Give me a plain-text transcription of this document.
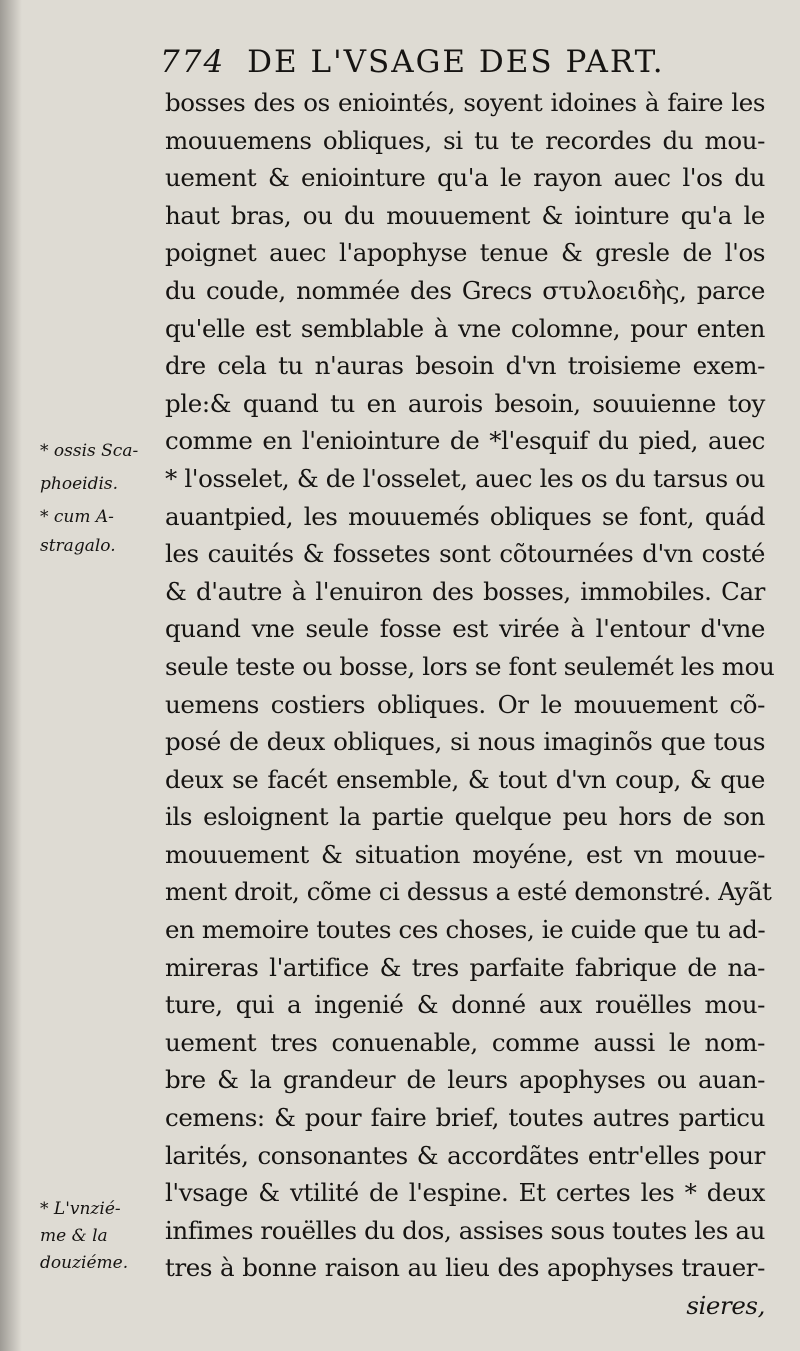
774 DE L'VSAGE DES PART.
* ossis Sca-
phoeidis.
* cum A-
stragalo.
* L'vnzié-
me & la
douziéme.
bosses des os eniointés, soyent idoines à faire les
mouuemens obliques, si tu te recordes du mou-
uement & eniointure qu'a le rayon auec l'os du
haut bras, ou du mouuement & iointure qu'a le
poignet auec l'apophyse tenue & gresle de l'os
du coude, nommée des Grecs στυλοειδὴς, parce
qu'elle est semblable à vne colomne, pour enten
dre cela tu n'auras besoin d'vn troisieme exem-
ple:& quand tu en aurois besoin, souuienne toy
comme en l'eniointure de *l'esquif du pied, auec
* l'osselet, & de l'osselet, auec les os du tarsus ou
auantpied, les mouuemés obliques se font, quád
les cauités & fossetes sont cõtournées d'vn costé
& d'autre à l'enuiron des bosses, immobiles. Car
quand vne seule fosse est virée à l'entour d'vne
seule teste ou bosse, lors se font seulemét les mou
uemens costiers obliques. Or le mouuement cõ-
posé de deux obliques, si nous imaginõs que tous
deux se facét ensemble, & tout d'vn coup, & que
ils esloignent la partie quelque peu hors de son
mouuement & situation moyéne, est vn mouue-
ment droit, cõme ci dessus a esté demonstré. Ayãt
en memoire toutes ces choses, ie cuide que tu ad-
mireras l'artifice & tres parfaite fabrique de na-
ture, qui a ingenié & donné aux rouëlles mou-
uement tres conuenable, comme aussi le nom-
bre & la grandeur de leurs apophyses ou auan-
cemens: & pour faire brief, toutes autres particu
larités, consonantes & accordãtes entr'elles pour
l'vsage & vtilité de l'espine. Et certes les * deux
infimes rouëlles du dos, assises sous toutes les au
tres à bonne raison au lieu des apophyses trauer-
sieres,
